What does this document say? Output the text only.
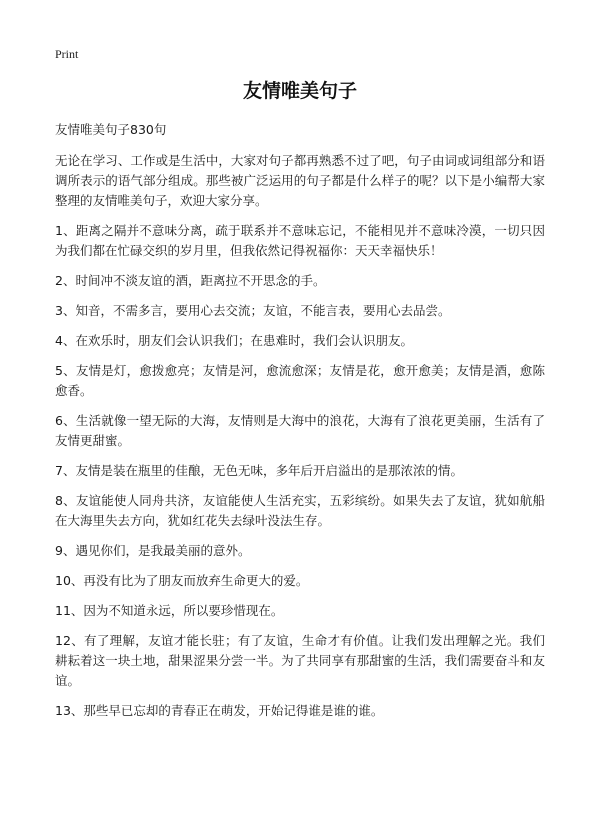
Print
友情唯美句子

友情唯美句子830句

无论在学习、工作或是生活中，大家对句子都再熟悉不过了吧，句子由词或词组部分和语调所表示的语气部分组成。那些被广泛运用的句子都是什么样子的呢？以下是小编帮大家整理的友情唯美句子，欢迎大家分享。

1、距离之隔并不意味分离，疏于联系并不意味忘记，不能相见并不意味冷漠，一切只因为我们都在忙碌交织的岁月里，但我依然记得祝福你：天天幸福快乐！

2、时间冲不淡友谊的酒，距离拉不开思念的手。

3、知音，不需多言，要用心去交流；友谊，不能言表，要用心去品尝。

4、在欢乐时，朋友们会认识我们；在患难时，我们会认识朋友。

5、友情是灯，愈拨愈亮；友情是河，愈流愈深；友情是花，愈开愈美；友情是酒，愈陈愈香。

6、生活就像一望无际的大海，友情则是大海中的浪花，大海有了浪花更美丽，生活有了友情更甜蜜。

7、友情是装在瓶里的佳酿，无色无味，多年后开启溢出的是那浓浓的情。

8、友谊能使人同舟共济，友谊能使人生活充实，五彩缤纷。如果失去了友谊，犹如航船在大海里失去方向，犹如红花失去绿叶没法生存。

9、遇见你们，是我最美丽的意外。

10、再没有比为了朋友而放弃生命更大的爱。

11、因为不知道永远，所以要珍惜现在。

12、有了理解，友谊才能长驻；有了友谊，生命才有价值。让我们发出理解之光。我们耕耘着这一块土地，甜果涩果分尝一半。为了共同享有那甜蜜的生活，我们需要奋斗和友谊。

13、那些早已忘却的青春正在萌发，开始记得谁是谁的谁。
